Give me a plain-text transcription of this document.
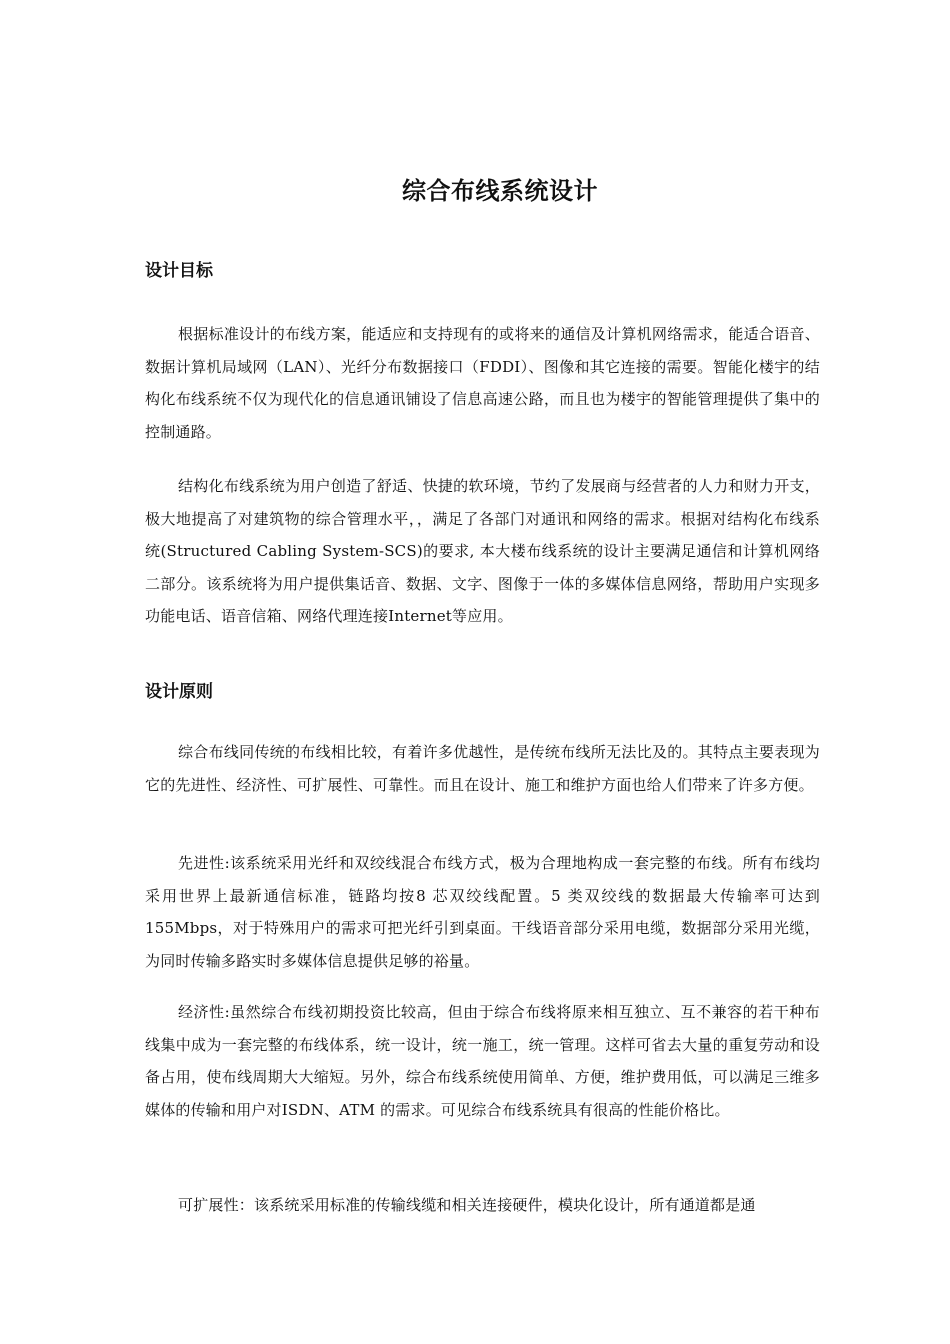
综合布线系统设计
设计目标

根据标准设计的布线方案，能适应和支持现有的或将来的通信及计算机网络需求，能适合语音、数据计算机局域网（LAN）、光纤分布数据接口（FDDI）、图像和其它连接的需要。智能化楼宇的结构化布线系统不仅为现代化的信息通讯铺设了信息高速公路，而且也为楼宇的智能管理提供了集中的控制通路。

结构化布线系统为用户创造了舒适、快捷的软环境，节约了发展商与经营者的人力和财力开支，极大地提高了对建筑物的综合管理水平，，满足了各部门对通讯和网络的需求。根据对结构化布线系统(Structured Cabling System-SCS)的要求, 本大楼布线系统的设计主要满足通信和计算机网络二部分。该系统将为用户提供集话音、数据、文字、图像于一体的多媒体信息网络，帮助用户实现多功能电话、语音信箱、网络代理连接Internet等应用。

设计原则

综合布线同传统的布线相比较，有着许多优越性，是传统布线所无法比及的。其特点主要表现为它的先进性、经济性、可扩展性、可靠性。而且在设计、施工和维护方面也给人们带来了许多方便。

先进性:该系统采用光纤和双绞线混合布线方式，极为合理地构成一套完整的布线。所有布线均采用世界上最新通信标准，链路均按8 芯双绞线配置。5 类双绞线的数据最大传输率可达到155Mbps，对于特殊用户的需求可把光纤引到桌面。干线语音部分采用电缆，数据部分采用光缆，为同时传输多路实时多媒体信息提供足够的裕量。

经济性:虽然综合布线初期投资比较高，但由于综合布线将原来相互独立、互不兼容的若干种布线集中成为一套完整的布线体系，统一设计，统一施工，统一管理。这样可省去大量的重复劳动和设备占用，使布线周期大大缩短。另外，综合布线系统使用简单、方便，维护费用低，可以满足三维多媒体的传输和用户对ISDN、ATM 的需求。可见综合布线系统具有很高的性能价格比。

可扩展性：该系统采用标准的传输线缆和相关连接硬件，模块化设计，所有通道都是通
